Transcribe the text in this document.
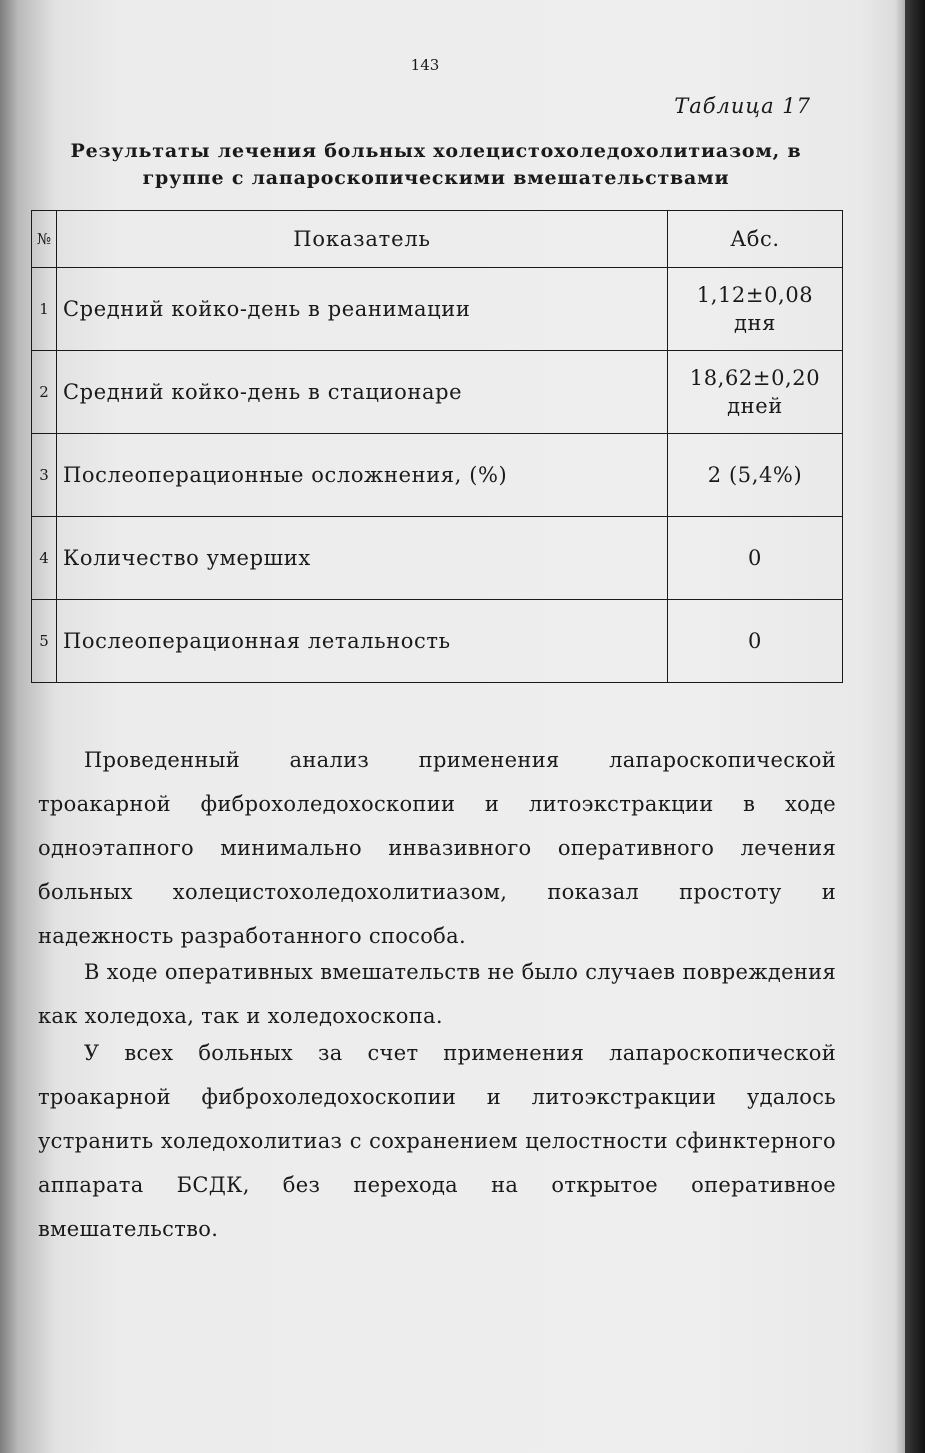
143
Таблица 17
Результаты лечения больных холецистохоледохолитиазом, в группе с лапароскопическими вмешательствами
№	Показатель	Абс.
1	Средний койко-день в реанимации	1,12±0,08 дня
2	Средний койко-день в стационаре	18,62±0,20 дней
3	Послеоперационные осложнения, (%)	2 (5,4%)
4	Количество умерших	0
5	Послеоперационная летальность	0

Проведенный анализ применения лапароскопической троакарной фиброхоледохоскопии и литоэкстракции в ходе одноэтапного минимально инвазивного оперативного лечения больных холецистохоледохолитиазом, показал простоту и надежность разработанного способа.

В ходе оперативных вмешательств не было случаев повреждения как холедоха, так и холедохоскопа.

У всех больных за счет применения лапароскопической троакарной фиброхоледохоскопии и литоэкстракции удалось устранить холедохолитиаз с сохранением целостности сфинктерного аппарата БСДК, без перехода на открытое оперативное вмешательство.
